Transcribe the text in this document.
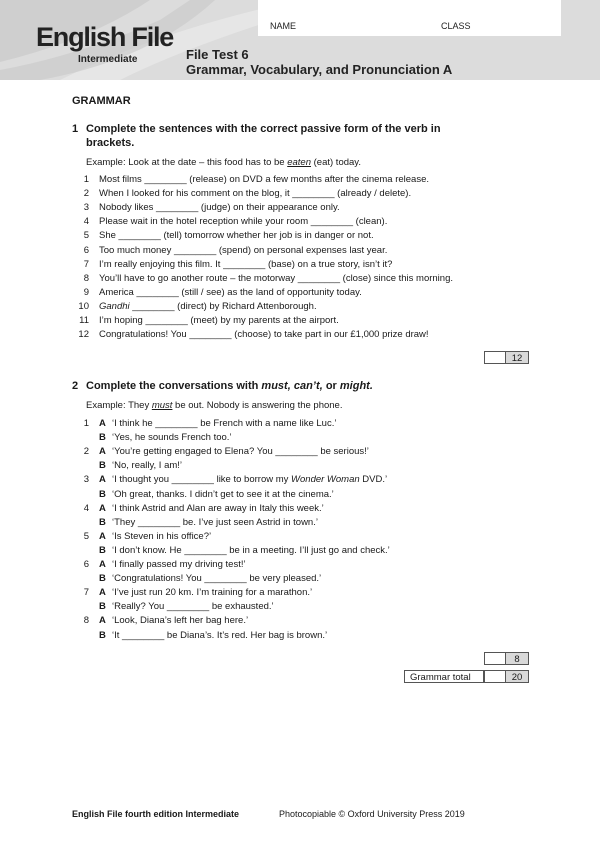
English File
Intermediate
NAME	CLASS
File Test 6
Grammar, Vocabulary, and Pronunciation A
GRAMMAR
1 Complete the sentences with the correct passive form of the verb in
brackets.
Example: Look at the date – this food has to be eaten (eat) today.
1 Most films ________ (release) on DVD a few months after the cinema release.
2 When I looked for his comment on the blog, it ________ (already / delete).
3 Nobody likes ________ (judge) on their appearance only.
4 Please wait in the hotel reception while your room ________ (clean).
5 She ________ (tell) tomorrow whether her job is in danger or not.
6 Too much money ________ (spend) on personal expenses last year.
7 I’m really enjoying this film. It ________ (base) on a true story, isn’t it?
8 You’ll have to go another route – the motorway ________ (close) since this morning.
9 America ________ (still / see) as the land of opportunity today.
10 Gandhi ________ (direct) by Richard Attenborough.
11 I’m hoping ________ (meet) by my parents at the airport.
12 Congratulations! You ________ (choose) to take part in our £1,000 prize draw!
12
2 Complete the conversations with must, can’t, or might.
Example: They must be out. Nobody is answering the phone.
1 A ‘I think he ________ be French with a name like Luc.’
B ‘Yes, he sounds French too.’
2 A ‘You’re getting engaged to Elena? You ________ be serious!’
B ‘No, really, I am!’
3 A ‘I thought you ________ like to borrow my Wonder Woman DVD.’
B ‘Oh great, thanks. I didn’t get to see it at the cinema.’
4 A ‘I think Astrid and Alan are away in Italy this week.’
B ‘They ________ be. I’ve just seen Astrid in town.’
5 A ‘Is Steven in his office?’
B ‘I don’t know. He ________ be in a meeting. I’ll just go and check.’
6 A ‘I finally passed my driving test!’
B ‘Congratulations! You ________ be very pleased.’
7 A ‘I’ve just run 20 km. I’m training for a marathon.’
B ‘Really? You ________ be exhausted.’
8 A ‘Look, Diana’s left her bag here.’
B ‘It ________ be Diana’s. It’s red. Her bag is brown.’
8
Grammar total	20
English File fourth edition Intermediate	Photocopiable © Oxford University Press 2019
